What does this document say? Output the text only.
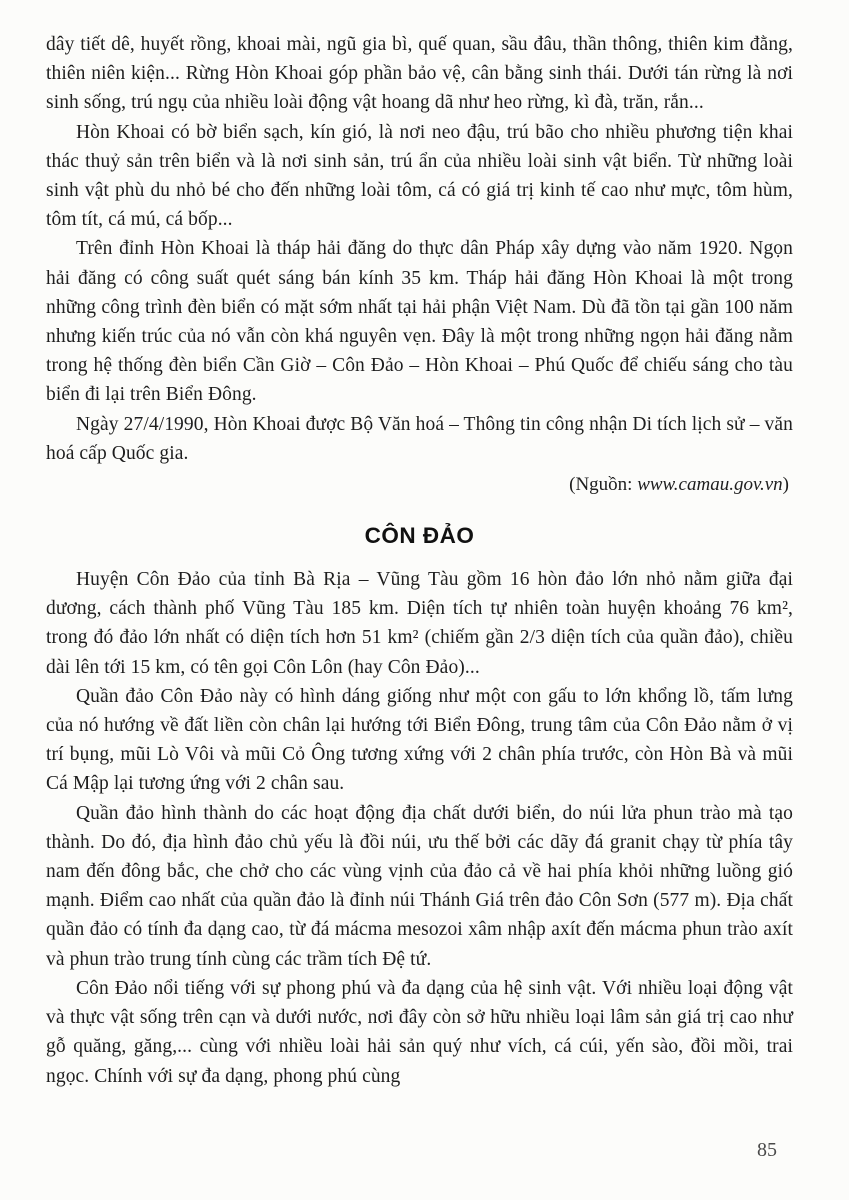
dây tiết dê, huyết rồng, khoai mài, ngũ gia bì, quế quan, sầu đâu, thần thông, thiên kim đằng, thiên niên kiện... Rừng Hòn Khoai góp phần bảo vệ, cân bằng sinh thái. Dưới tán rừng là nơi sinh sống, trú ngụ của nhiều loài động vật hoang dã như heo rừng, kì đà, trăn, rắn...

Hòn Khoai có bờ biển sạch, kín gió, là nơi neo đậu, trú bão cho nhiều phương tiện khai thác thuỷ sản trên biển và là nơi sinh sản, trú ẩn của nhiều loài sinh vật biển. Từ những loài sinh vật phù du nhỏ bé cho đến những loài tôm, cá có giá trị kinh tế cao như mực, tôm hùm, tôm tít, cá mú, cá bốp...

Trên đỉnh Hòn Khoai là tháp hải đăng do thực dân Pháp xây dựng vào năm 1920. Ngọn hải đăng có công suất quét sáng bán kính 35 km. Tháp hải đăng Hòn Khoai là một trong những công trình đèn biển có mặt sớm nhất tại hải phận Việt Nam. Dù đã tồn tại gần 100 năm nhưng kiến trúc của nó vẫn còn khá nguyên vẹn. Đây là một trong những ngọn hải đăng nằm trong hệ thống đèn biển Cần Giờ – Côn Đảo – Hòn Khoai – Phú Quốc để chiếu sáng cho tàu biển đi lại trên Biển Đông.

Ngày 27/4/1990, Hòn Khoai được Bộ Văn hoá – Thông tin công nhận Di tích lịch sử – văn hoá cấp Quốc gia.

(Nguồn: www.camau.gov.vn)

CÔN ĐẢO

Huyện Côn Đảo của tỉnh Bà Rịa – Vũng Tàu gồm 16 hòn đảo lớn nhỏ nằm giữa đại dương, cách thành phố Vũng Tàu 185 km. Diện tích tự nhiên toàn huyện khoảng 76 km², trong đó đảo lớn nhất có diện tích hơn 51 km² (chiếm gần 2/3 diện tích của quần đảo), chiều dài lên tới 15 km, có tên gọi Côn Lôn (hay Côn Đảo)...

Quần đảo Côn Đảo này có hình dáng giống như một con gấu to lớn khổng lồ, tấm lưng của nó hướng về đất liền còn chân lại hướng tới Biển Đông, trung tâm của Côn Đảo nằm ở vị trí bụng, mũi Lò Vôi và mũi Cỏ Ông tương xứng với 2 chân phía trước, còn Hòn Bà và mũi Cá Mập lại tương ứng với 2 chân sau.

Quần đảo hình thành do các hoạt động địa chất dưới biển, do núi lửa phun trào mà tạo thành. Do đó, địa hình đảo chủ yếu là đồi núi, ưu thế bởi các dãy đá granit chạy từ phía tây nam đến đông bắc, che chở cho các vùng vịnh của đảo cả về hai phía khỏi những luồng gió mạnh. Điểm cao nhất của quần đảo là đỉnh núi Thánh Giá trên đảo Côn Sơn (577 m). Địa chất quần đảo có tính đa dạng cao, từ đá mácma mesozoi xâm nhập axít đến mácma phun trào axít và phun trào trung tính cùng các trầm tích Đệ tứ.

Côn Đảo nổi tiếng với sự phong phú và đa dạng của hệ sinh vật. Với nhiều loại động vật và thực vật sống trên cạn và dưới nước, nơi đây còn sở hữu nhiều loại lâm sản giá trị cao như gỗ quăng, găng,... cùng với nhiều loài hải sản quý như vích, cá cúi, yến sào, đồi mồi, trai ngọc. Chính với sự đa dạng, phong phú cùng

85
